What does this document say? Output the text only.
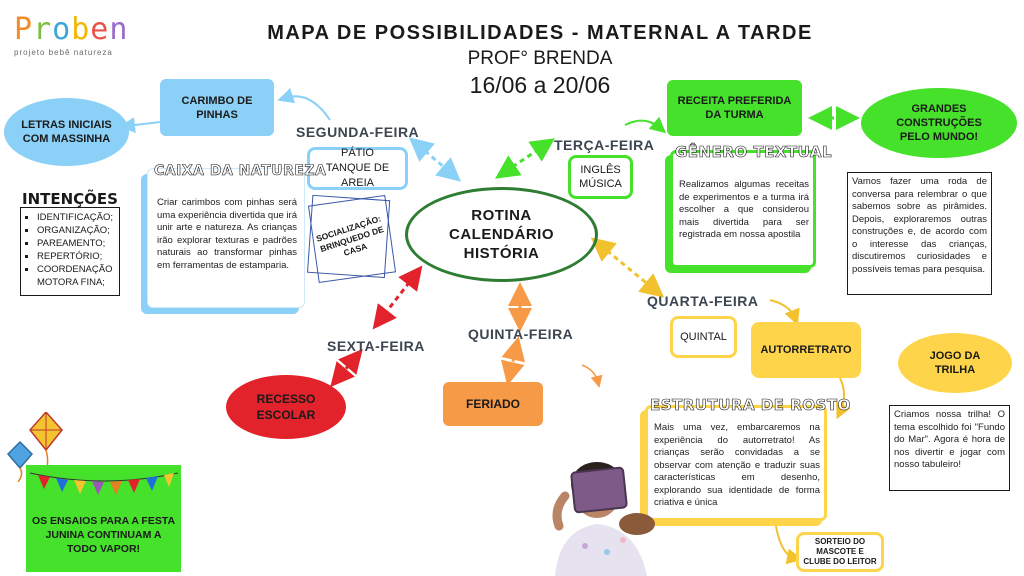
Proben
projeto bebê natureza
MAPA DE POSSIBILIDADES - MATERNAL A TARDE
PROF° BRENDA
16/06 a 20/06
ROTINA
CALENDÁRIO
HISTÓRIA
SEGUNDA-FEIRA
CARIMBO DE PINHAS
LETRAS INICIAIS COM MASSINHA
PÁTIO
TANQUE DE AREIA
SOCIALIZAÇÃO: BRINQUEDO DE CASA
CAIXA DA NATUREZA
Criar carimbos com pinhas será uma experiência divertida que irá unir arte e natureza. As crianças irão explorar texturas e padrões naturais ao transformar pinhas em ferramentas de estamparia.
INTENÇÕES
▪ IDENTIFICAÇÃO;
▪ ORGANIZAÇÃO;
▪ PAREAMENTO;
▪ REPERTÓRIO;
▪ COORDENAÇÃO MOTORA FINA;
TERÇA-FEIRA
INGLÊS
MÚSICA
RECEITA PREFERIDA DA TURMA	GRANDES CONSTRUÇÕES PELO MUNDO!
GÊNERO TEXTUAL
Realizamos algumas receitas de experimentos e a turma irá escolher a que considerou mais divertida para ser registrada em nossa apostila
Vamos fazer uma roda de conversa para relembrar o que sabemos sobre as pirâmides. Depois, exploraremos outras construções e, de acordo com o interesse das crianças, discutiremos curiosidades e possíveis temas para pesquisa.
QUARTA-FEIRA
QUINTAL
AUTORRETRATO	JOGO DA TRILHA
Criamos nossa trilha! O tema escolhido foi "Fundo do Mar". Agora é hora de nos divertir e jogar com nosso tabuleiro!
ESTRUTURA DE ROSTO
Mais uma vez, embarcaremos na experiência do autorretrato! As crianças serão convidadas a se observar com atenção e traduzir suas características em desenho, explorando sua identidade de forma criativa e única
SORTEIO DO MASCOTE E CLUBE DO LEITOR
QUINTA-FEIRA
FERIADO
SEXTA-FEIRA
RECESSO ESCOLAR
OS ENSAIOS PARA A FESTA JUNINA CONTINUAM A TODO VAPOR!
